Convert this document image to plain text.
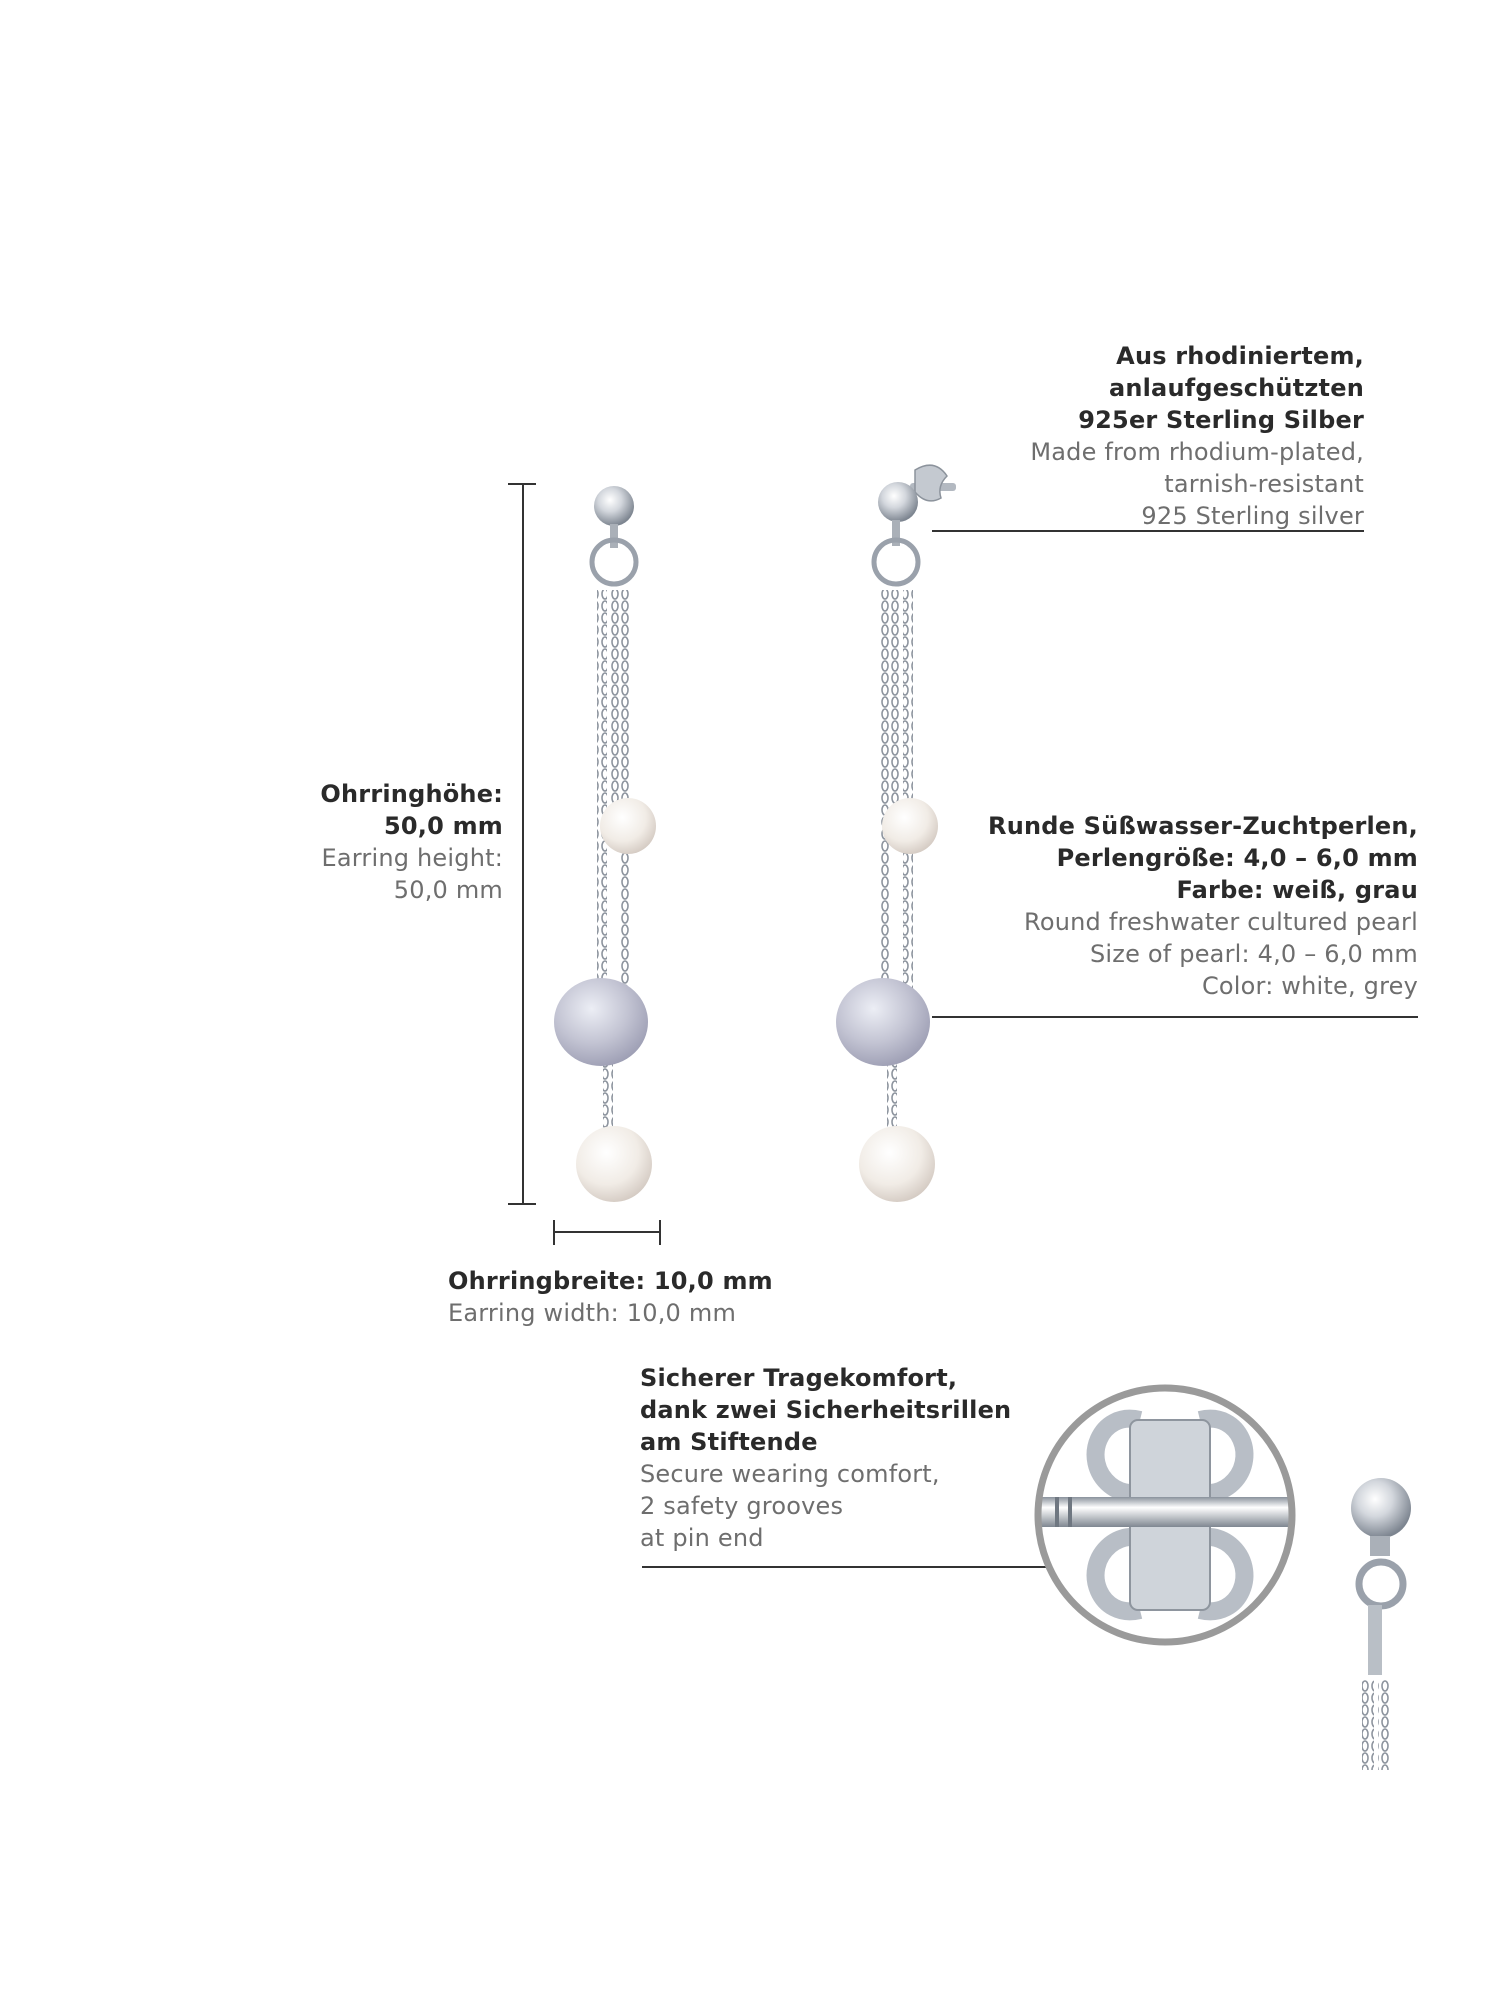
Aus rhodiniertem,
anlaufgeschützten
925er Sterling Silber
Made from rhodium-plated,
tarnish-resistant
925 Sterling silver
Ohrringhöhe:
50,0 mm
Earring height:
50,0 mm
Runde Süßwasser-Zuchtperlen,
Perlengröße: 4,0 – 6,0 mm
Farbe: weiß, grau
Round freshwater cultured pearl
Size of pearl: 4,0 – 6,0 mm
Color: white, grey
Ohrringbreite: 10,0 mm
Earring width: 10,0 mm
Sicherer Tragekomfort,
dank zwei Sicherheitsrillen
am Stiftende
Secure wearing comfort,
2 safety grooves
at pin end
